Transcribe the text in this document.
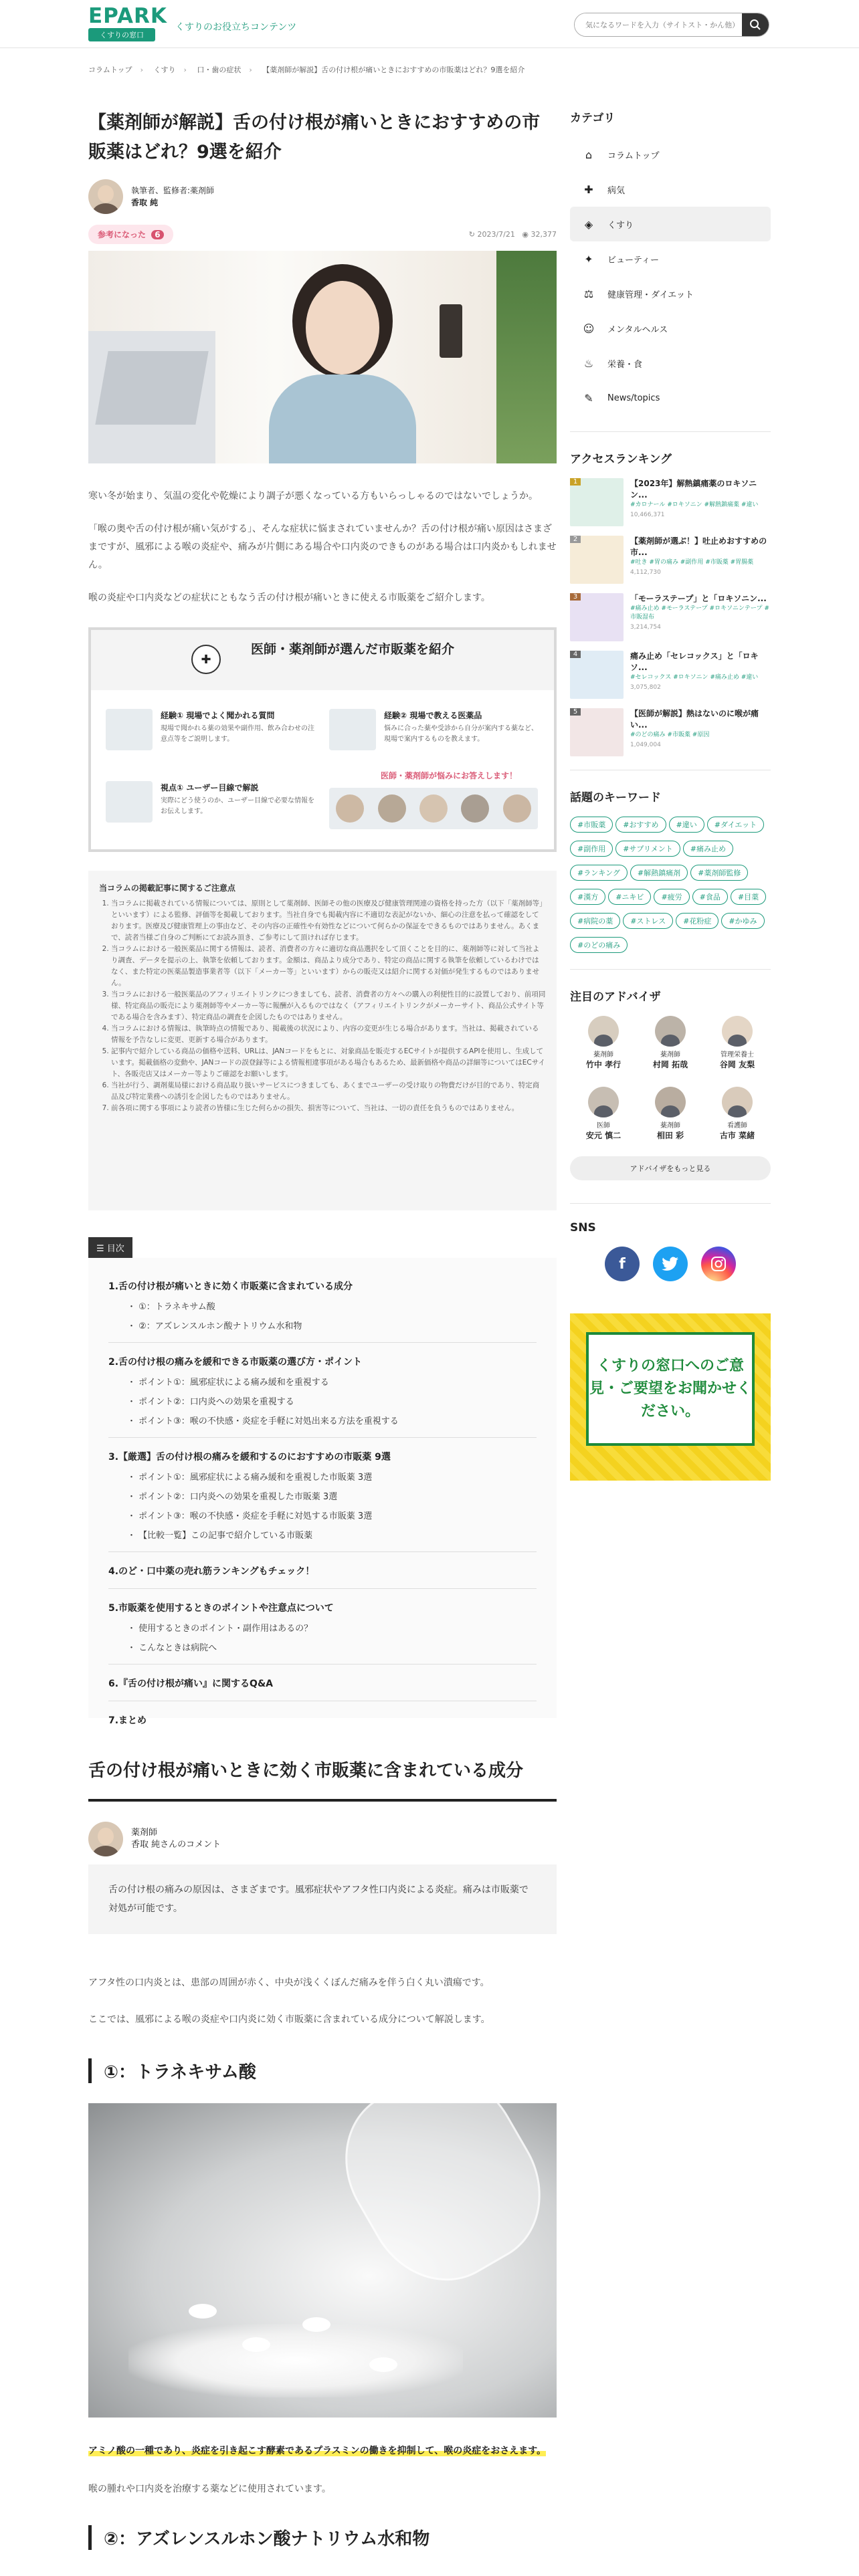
EPARK
くすりの窓口
くすりのお役立ちコンテンツ
気になるワードを入力（サイトスト・かん他）
コラムトップ › くすり › 口・歯の症状 › 【薬剤師が解説】舌の付け根が痛いときにおすすめの市販薬はどれ？9選を紹介
【薬剤師が解説】舌の付け根が痛いときにおすすめの市販薬はどれ？9選を紹介
執筆者、監修者:薬剤師
香取 純
参考になった 6	↻ 2023/7/21 ◉ 32,377

寒い冬が始まり、気温の変化や乾燥により調子が悪くなっている方もいらっしゃるのではないでしょうか。

「喉の奥や舌の付け根が痛い気がする」、そんな症状に悩まされていませんか？舌の付け根が痛い原因はさまざまですが、風邪による喉の炎症や、痛みが片側にある場合や口内炎のできものがある場合は口内炎かもしれません。

喉の炎症や口内炎などの症状にともなう舌の付け根が痛いときに使える市販薬をご紹介します。

✚
医師・薬剤師が選んだ市販薬を紹介
経験① 現場でよく聞かれる質問
現場で聞かれる薬の効果や副作用、飲み合わせの注意点等をご説明します。
経験② 現場で教える医薬品
悩みに合った薬や受診から自分が案内する薬など、現場で案内するものを教えます。
視点① ユーザー目線で解説
実際にどう使うのか、ユーザー目線で必要な情報をお伝えします。
医師・薬剤師が悩みにお答えします！
当コラムの掲載記事に関するご注意点
1. 当コラムに掲載されている情報については、原則として薬剤師、医師その他の医療及び健康管理関連の資格を持った方（以下「薬剤師等」といいます）による監修、評価等を掲載しております。当社自身でも掲載内容に不適切な表記がないか、細心の注意を払って確認をしております。医療及び健康管理上の事由など、その内容の正確性や有効性などについて何らかの保証をできるものではありません。あくまで、読者当様ご自身のご判断にてお読み頂き、ご参考にして頂ければ存じます。
2. 当コラムにおける一般医薬品に関する情報は、読者、消費者の方々に適切な商品選択をして頂くことを目的に、薬剤師等に対して当社より調査、データを提示の上、執筆を依頼しております。金額は、商品より成分であり、特定の商品に関する執筆を依頼しているわけではなく、また特定の医薬品製造事業者等（以下「メーカー等」といいます）からの販売又は紹介に関する対価が発生するものではありません。
3. 当コラムにおける一般医薬品のアフィリエイトリンクにつきましても、読者、消費者の方々への購入の利便性目的に設置しており、前項同様、特定商品の販売により薬剤師等やメーカー等に報酬が入るものではなく（アフィリエイトリンクがメーカーサイト、商品公式サイト等である場合を含みます）、特定商品の調査を企図したものではありません。
4. 当コラムにおける情報は、執筆時点の情報であり、掲載後の状況により、内容の変更が生じる場合があります。当社は、掲載されている情報を予告なしに変更、更新する場合があります。
5. 記事内で紹介している商品の価格や送料、URLは、JANコードをもとに、対象商品を販売するECサイトが提供するAPIを使用し、生成しています。掲載価格の変動や、JANコードの誤登録等による情報相違事項がある場合もあるため、最新価格や商品の詳細等についてはECサイト、各販売店又はメーカー等よりご確認をお願いします。
6. 当社が行う、調剤薬局様における商品取り扱いサービスにつきましても、あくまでユーザーの受け取りの物費だけが目的であり、特定商品及び特定業務への誘引を企図したものではありません。
7. 前各項に関する事項により読者の皆様に生じた何らかの損失、損害等について、当社は、一切の責任を負うものではありません。
☰ 目次
1.舌の付け根が痛いときに効く市販薬に含まれている成分
・ ①：トラネキサム酸
・ ②：アズレンスルホン酸ナトリウム水和物
2.舌の付け根の痛みを緩和できる市販薬の選び方・ポイント
・ ポイント①：風邪症状による痛み緩和を重視する
・ ポイント②：口内炎への効果を重視する
・ ポイント③：喉の不快感・炎症を手軽に対処出来る方法を重視する
3.【厳選】舌の付け根の痛みを緩和するのにおすすめの市販薬 9選
・ ポイント①：風邪症状による痛み緩和を重視した市販薬 3選
・ ポイント②：口内炎への効果を重視した市販薬 3選
・ ポイント③：喉の不快感・炎症を手軽に対処する市販薬 3選
・ 【比較一覧】この記事で紹介している市販薬
4.のど・口中薬の売れ筋ランキングもチェック！
5.市販薬を使用するときのポイントや注意点について
・ 使用するときのポイント・副作用はあるの？
・ こんなときは病院へ
6.『舌の付け根が痛い』に関するQ&A
7.まとめ
舌の付け根が痛いときに効く市販薬に含まれている成分
薬剤師
香取 純さんのコメント
舌の付け根の痛みの原因は、さまざまです。風邪症状やアフタ性口内炎による炎症。痛みは市販薬で対処が可能です。

アフタ性の口内炎とは、患部の周囲が赤く、中央が浅くくぼんだ痛みを伴う白く丸い潰瘍です。

ここでは、風邪による喉の炎症や口内炎に効く市販薬に含まれている成分について解説します。

①：トラネキサム酸

アミノ酸の一種であり、炎症を引き起こす酵素であるプラスミンの働きを抑制して、喉の炎症をおさえます。

喉の腫れや口内炎を治療する薬などに使用されています。

②：アズレンスルホン酸ナトリウム水和物
カテゴリ
⌂	コラムトップ
✚ 病気
◈ くすり
✦ ビューティー
⚖ 健康管理・ダイエット
☺ メンタルヘルス
♨ 栄養・食
✎ News/topics
アクセスランキング
1	【2023年】解熱鎮痛薬のロキソニン...
#カロナール #ロキソニン #解熱鎮痛薬 #違い
10,466,371
2	【薬剤師が選ぶ！】吐止めおすすめの市...
#吐き #胃の痛み #副作用 #市販薬 #胃腸薬
4,112,730
3	「モーラステープ」と「ロキソニン...
#痛み止め #モーラステープ #ロキソニンテープ #市販湿布
3,214,754
4	痛み止め「セレコックス」と「ロキソ...
#セレコックス #ロキソニン #痛み止め #違い
3,075,802
5	【医師が解説】熱はないのに喉が痛い...
#のどの痛み #市販薬 #原因
1,049,004
話題のキーワード
#市販薬 #おすすめ #違い #ダイエット#副作用 #サプリメント #痛み止め#ランキング #解熱鎮痛剤 #薬剤師監修#漢方 #ニキビ #疲労 #食品 #目薬#病院の薬 #ストレス #花粉症 #かゆみ#のどの痛み
注目のアドバイザ
薬剤師
竹中 孝行
薬剤師
村岡 拓哉
管理栄養士
谷岡 友梨
医師
安元 慎二
薬剤師
相田 彩
看護師
古市 菜緒
アドバイザをもっと見る
SNS
f
くすりの窓口へのご意見・ご要望をお聞かせください。
